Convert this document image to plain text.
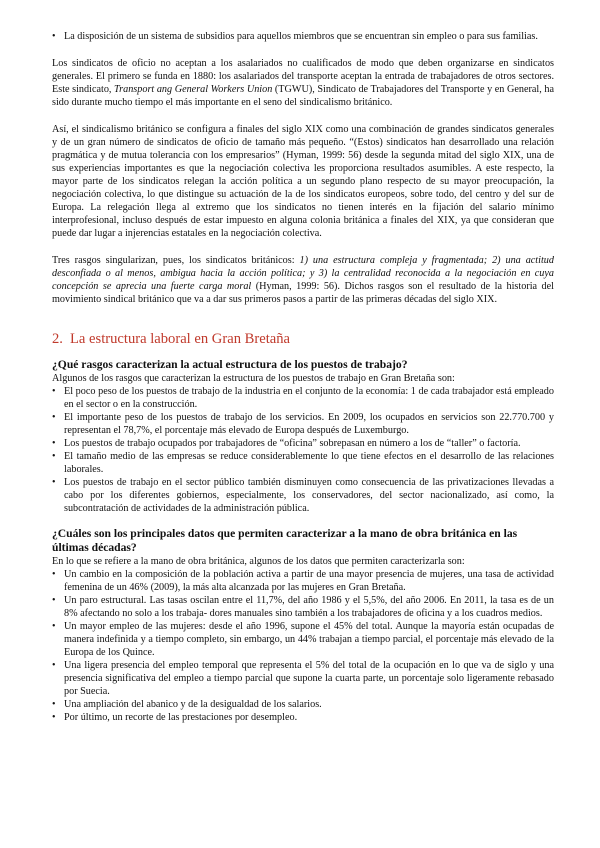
• La disposición de un sistema de subsidios para aquellos miembros que se encuentran sin empleo o para sus familias.

Los sindicatos de oficio no aceptan a los asalariados no cualificados de modo que deben organizarse en sindicatos generales. El primero se funda en 1880: los asalariados del transporte aceptan la entrada de trabajadores de otros sectores. Este sindicato, Transport ang General Workers Union (TGWU), Sindicato de Trabajadores del Transporte y en General, ha sido durante mucho tiempo el más importante en el seno del sindicalismo británico.

Así, el sindicalismo británico se configura a finales del siglo XIX como una combinación de grandes sindicatos generales y de un gran número de sindicatos de oficio de tamaño más pequeño. “(Estos) sindicatos han desarrollado una relación pragmática y de mutua tolerancia con los empresarios” (Hyman, 1999: 56) desde la segunda mitad del siglo XIX, una de sus experiencias importantes es que la negociación colectiva les proporciona resultados asumibles. A este respecto, la mayor parte de los sindicatos relegan la acción política a un segundo plano respecto de su mayor preocupación, la negociación colectiva, lo que distingue su actuación de la de los sindicatos europeos, sobre todo, del centro y del sur de Europa. La relegación llega al extremo que los sindicatos no tienen interés en la fijación del salario mínimo interprofesional, incluso después de estar impuesto en alguna colonia británica a finales del XIX, ya que consideran que puede dar lugar a injerencias estatales en la negociación colectiva.

Tres rasgos singularizan, pues, los sindicatos británicos: 1) una estructura compleja y fragmentada; 2) una actitud desconfiada o al menos, ambigua hacia la acción política; y 3) la centralidad reconocida a la negociación en cuya concepción se aprecia una fuerte carga moral (Hyman, 1999: 56). Dichos rasgos son el resultado de la historia del movimiento sindical británico que va a dar sus primeros pasos a partir de las primeras décadas del siglo XIX.

2. La estructura laboral en Gran Bretaña
¿Qué rasgos caracterizan la actual estructura de los puestos de trabajo?

Algunos de los rasgos que caracterizan la estructura de los puestos de trabajo en Gran Bretaña son:

• El poco peso de los puestos de trabajo de la industria en el conjunto de la economía: 1 de cada trabajador está empleado en el sector o en la construcción.
• El importante peso de los puestos de trabajo de los servicios. En 2009, los ocupados en servicios son 22.770.700 y representan el 78,7%, el porcentaje más elevado de Europa después de Luxemburgo.
• Los puestos de trabajo ocupados por trabajadores de “oficina” sobrepasan en número a los de “taller” o factoría.
• El tamaño medio de las empresas se reduce considerablemente lo que tiene efectos en el desarrollo de las relaciones laborales.
• Los puestos de trabajo en el sector público también disminuyen como consecuencia de las privatizaciones llevadas a cabo por los diferentes gobiernos, especialmente, los conservadores, del sector nacionalizado, así como, la subcontratación de actividades de la administración pública.
¿Cuáles son los principales datos que permiten caracterizar a la mano de obra británica en las últimas décadas?

En lo que se refiere a la mano de obra británica, algunos de los datos que permiten caracterizarla son:

• Un cambio en la composición de la población activa a partir de una mayor presencia de mujeres, una tasa de actividad femenina de un 46% (2009), la más alta alcanzada por las mujeres en Gran Bretaña.
• Un paro estructural. Las tasas oscilan entre el 11,7%, del año 1986 y el 5,5%, del año 2006. En 2011, la tasa es de un 8% afectando no solo a los trabaja- dores manuales sino también a los trabajadores de oficina y a los cuadros medios.
• Un mayor empleo de las mujeres: desde el año 1996, supone el 45% del total. Aunque la mayoría están ocupadas de manera indefinida y a tiempo completo, sin embargo, un 44% trabajan a tiempo parcial, el porcentaje más elevado de la Europa de los Quince.
• Una ligera presencia del empleo temporal que representa el 5% del total de la ocupación en lo que va de siglo y una presencia significativa del empleo a tiempo parcial que supone la cuarta parte, un porcentaje solo ligeramente rebasado por Suecia.
• Una ampliación del abanico y de la desigualdad de los salarios.
• Por último, un recorte de las prestaciones por desempleo.
